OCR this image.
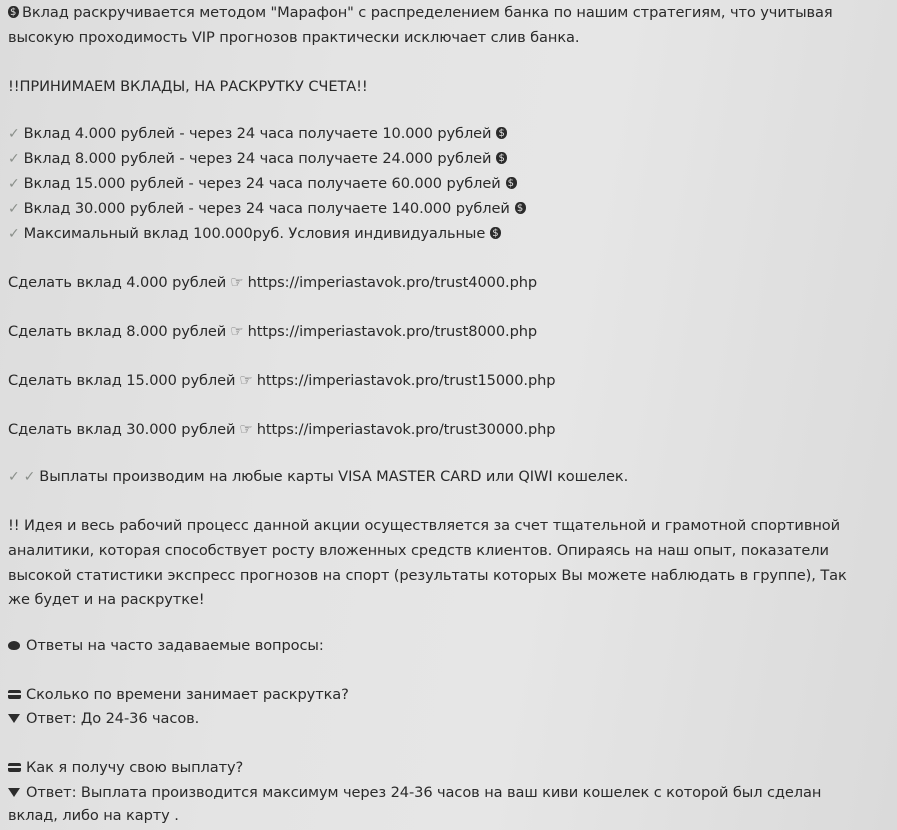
$Вклад раскручивается методом "Марафон" с распределением банка по нашим стратегиям, что учитывая
высокую проходимость VIP прогнозов практически исключает слив банка.
!!ПРИНИМАЕМ ВКЛАДЫ, НА РАСКРУТКУ СЧЕТА!!
✓ Вклад 4.000 рублей - через 24 часа получаете 10.000 рублей$
✓ Вклад 8.000 рублей - через 24 часа получаете 24.000 рублей$
✓ Вклад 15.000 рублей - через 24 часа получаете 60.000 рублей$
✓ Вклад 30.000 рублей - через 24 часа получаете 140.000 рублей$
✓ Максимальный вклад 100.000руб. Условия индивидуальные$
Сделать вклад 4.000 рублей ☞ https://imperiastavok.pro/trust4000.php
Сделать вклад 8.000 рублей ☞ https://imperiastavok.pro/trust8000.php
Сделать вклад 15.000 рублей ☞ https://imperiastavok.pro/trust15000.php
Сделать вклад 30.000 рублей ☞ https://imperiastavok.pro/trust30000.php
✓ ✓ Выплаты производим на любые карты VISA MASTER CARD или QIWI кошелек.
!! Идея и весь рабочий процесс данной акции осуществляется за счет тщательной и грамотной спортивной
аналитики, которая способствует росту вложенных средств клиентов. Опираясь на наш опыт, показатели
высокой статистики экспресс прогнозов на спорт (результаты которых Вы можете наблюдать в группе), Так
же будет и на раскрутке!
Ответы на часто задаваемые вопросы:
Сколько по времени занимает раскрутка?
Ответ: До 24-36 часов.
Как я получу свою выплату?
Ответ: Выплата производится максимум через 24-36 часов на ваш киви кошелек с которой был сделан
вклад, либо на карту .
